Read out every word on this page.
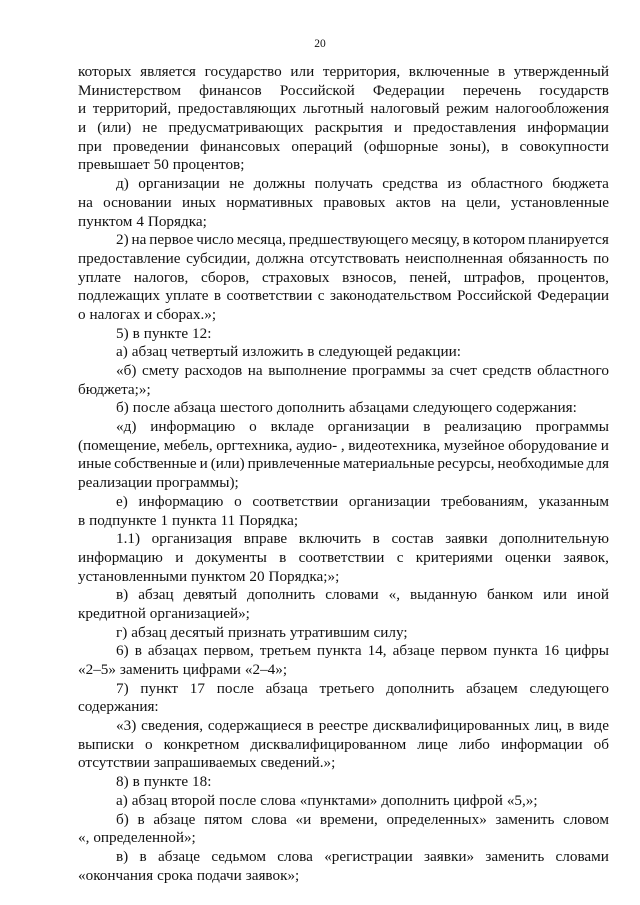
20
которых является государство или территория, включенные в утвержденный
Министерством финансов Российской Федерации перечень государств
и территорий, предоставляющих льготный налоговый режим налогообложения
и (или) не предусматривающих раскрытия и предоставления информации
при проведении финансовых операций (офшорные зоны), в совокупности
превышает 50 процентов;
д) организации не должны получать средства из областного бюджета
на основании иных нормативных правовых актов на цели, установленные
пунктом 4 Порядка;
2) на первое число месяца, предшествующего месяцу, в котором планируется
предоставление субсидии, должна отсутствовать неисполненная обязанность по
уплате налогов, сборов, страховых взносов, пеней, штрафов, процентов,
подлежащих уплате в соответствии с законодательством Российской Федерации
о налогах и сборах.»;
5) в пункте 12:
а) абзац четвертый изложить в следующей редакции:
«б) смету расходов на выполнение программы за счет средств областного
бюджета;»;
б) после абзаца шестого дополнить абзацами следующего содержания:
«д) информацию о вкладе организации в реализацию программы
(помещение, мебель, оргтехника, аудио- , видеотехника, музейное оборудование и
иные собственные и (или) привлеченные материальные ресурсы, необходимые для
реализации программы);
е) информацию о соответствии организации требованиям, указанным
в подпункте 1 пункта 11 Порядка;
1.1) организация вправе включить в состав заявки дополнительную
информацию и документы в соответствии с критериями оценки заявок,
установленными пунктом 20 Порядка;»;
в) абзац девятый дополнить словами «, выданную банком или иной
кредитной организацией»;
г) абзац десятый признать утратившим силу;
6) в абзацах первом, третьем пункта 14, абзаце первом пункта 16 цифры
«2–5» заменить цифрами «2–4»;
7) пункт 17 после абзаца третьего дополнить абзацем следующего
содержания:
«3) сведения, содержащиеся в реестре дисквалифицированных лиц, в виде
выписки о конкретном дисквалифицированном лице либо информации об
отсутствии запрашиваемых сведений.»;
8) в пункте 18:
а) абзац второй после слова «пунктами» дополнить цифрой «5,»;
б) в абзаце пятом слова «и времени, определенных» заменить словом
«, определенной»;
в) в абзаце седьмом слова «регистрации заявки» заменить словами
«окончания срока подачи заявок»;
